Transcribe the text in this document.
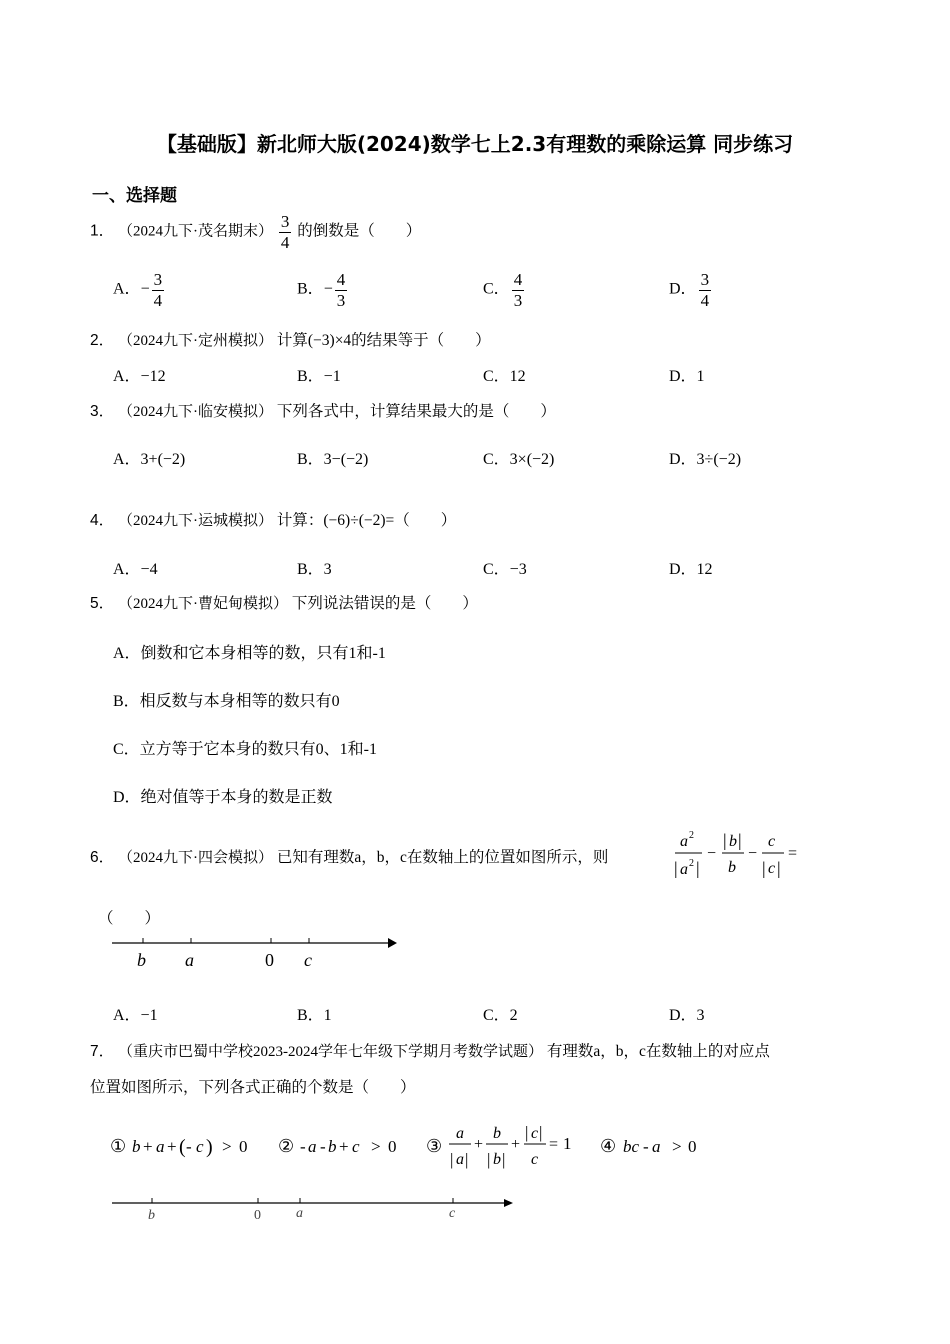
【基础版】新北师大版(2024)数学七上2.3有理数的乘除运算 同步练习
一、选择题
1． （2024九下·茂名期末） $\frac{3}{4}$ 的倒数是（　　）
A．− $\frac{3}{4}$	B．− $\frac{4}{3}$	C． $\frac{4}{3}$	D． $\frac{3}{4}$
2． （2024九下·定州模拟） 计算(−3)×4的结果等于（　　）
A．−12	B．−1	C．12	D．1
3． （2024九下·临安模拟） 下列各式中，计算结果最大的是（　　）
A．3+(−2)	B．3−(−2)	C．3×(−2)	D．3÷(−2)
4． （2024九下·运城模拟） 计算：(−6)÷(−2)=（　　）
A．−4	B．3	C．−3	D．12
5． （2024九下·曹妃甸模拟） 下列说法错误的是（　　）
A．倒数和它本身相等的数，只有1和-1
B．相反数与本身相等的数只有0
C．立方等于它本身的数只有0、1和-1
D．绝对值等于本身的数是正数
6． （2024九下·四会模拟） 已知有理数a，b，c在数轴上的位置如图所示，则
a 2
| a 2 |
−
| b |
b
−
c
| c |
=
（　　）
b a	0 c
A．−1	B．1	C．2	D．3
7． （重庆市巴蜀中学校2023-2024学年七年级下学期月考数学试题） 有理数a，b，c在数轴上的对应点
位置如图所示，下列各式正确的个数是（　　）
① b + a + ( - c ) > 0 ② - a - b + c > 0 ③
a
| a |
+
b
| b |
+
| c |
c
= 1 ④ bc - a > 0
b	0	a	c
